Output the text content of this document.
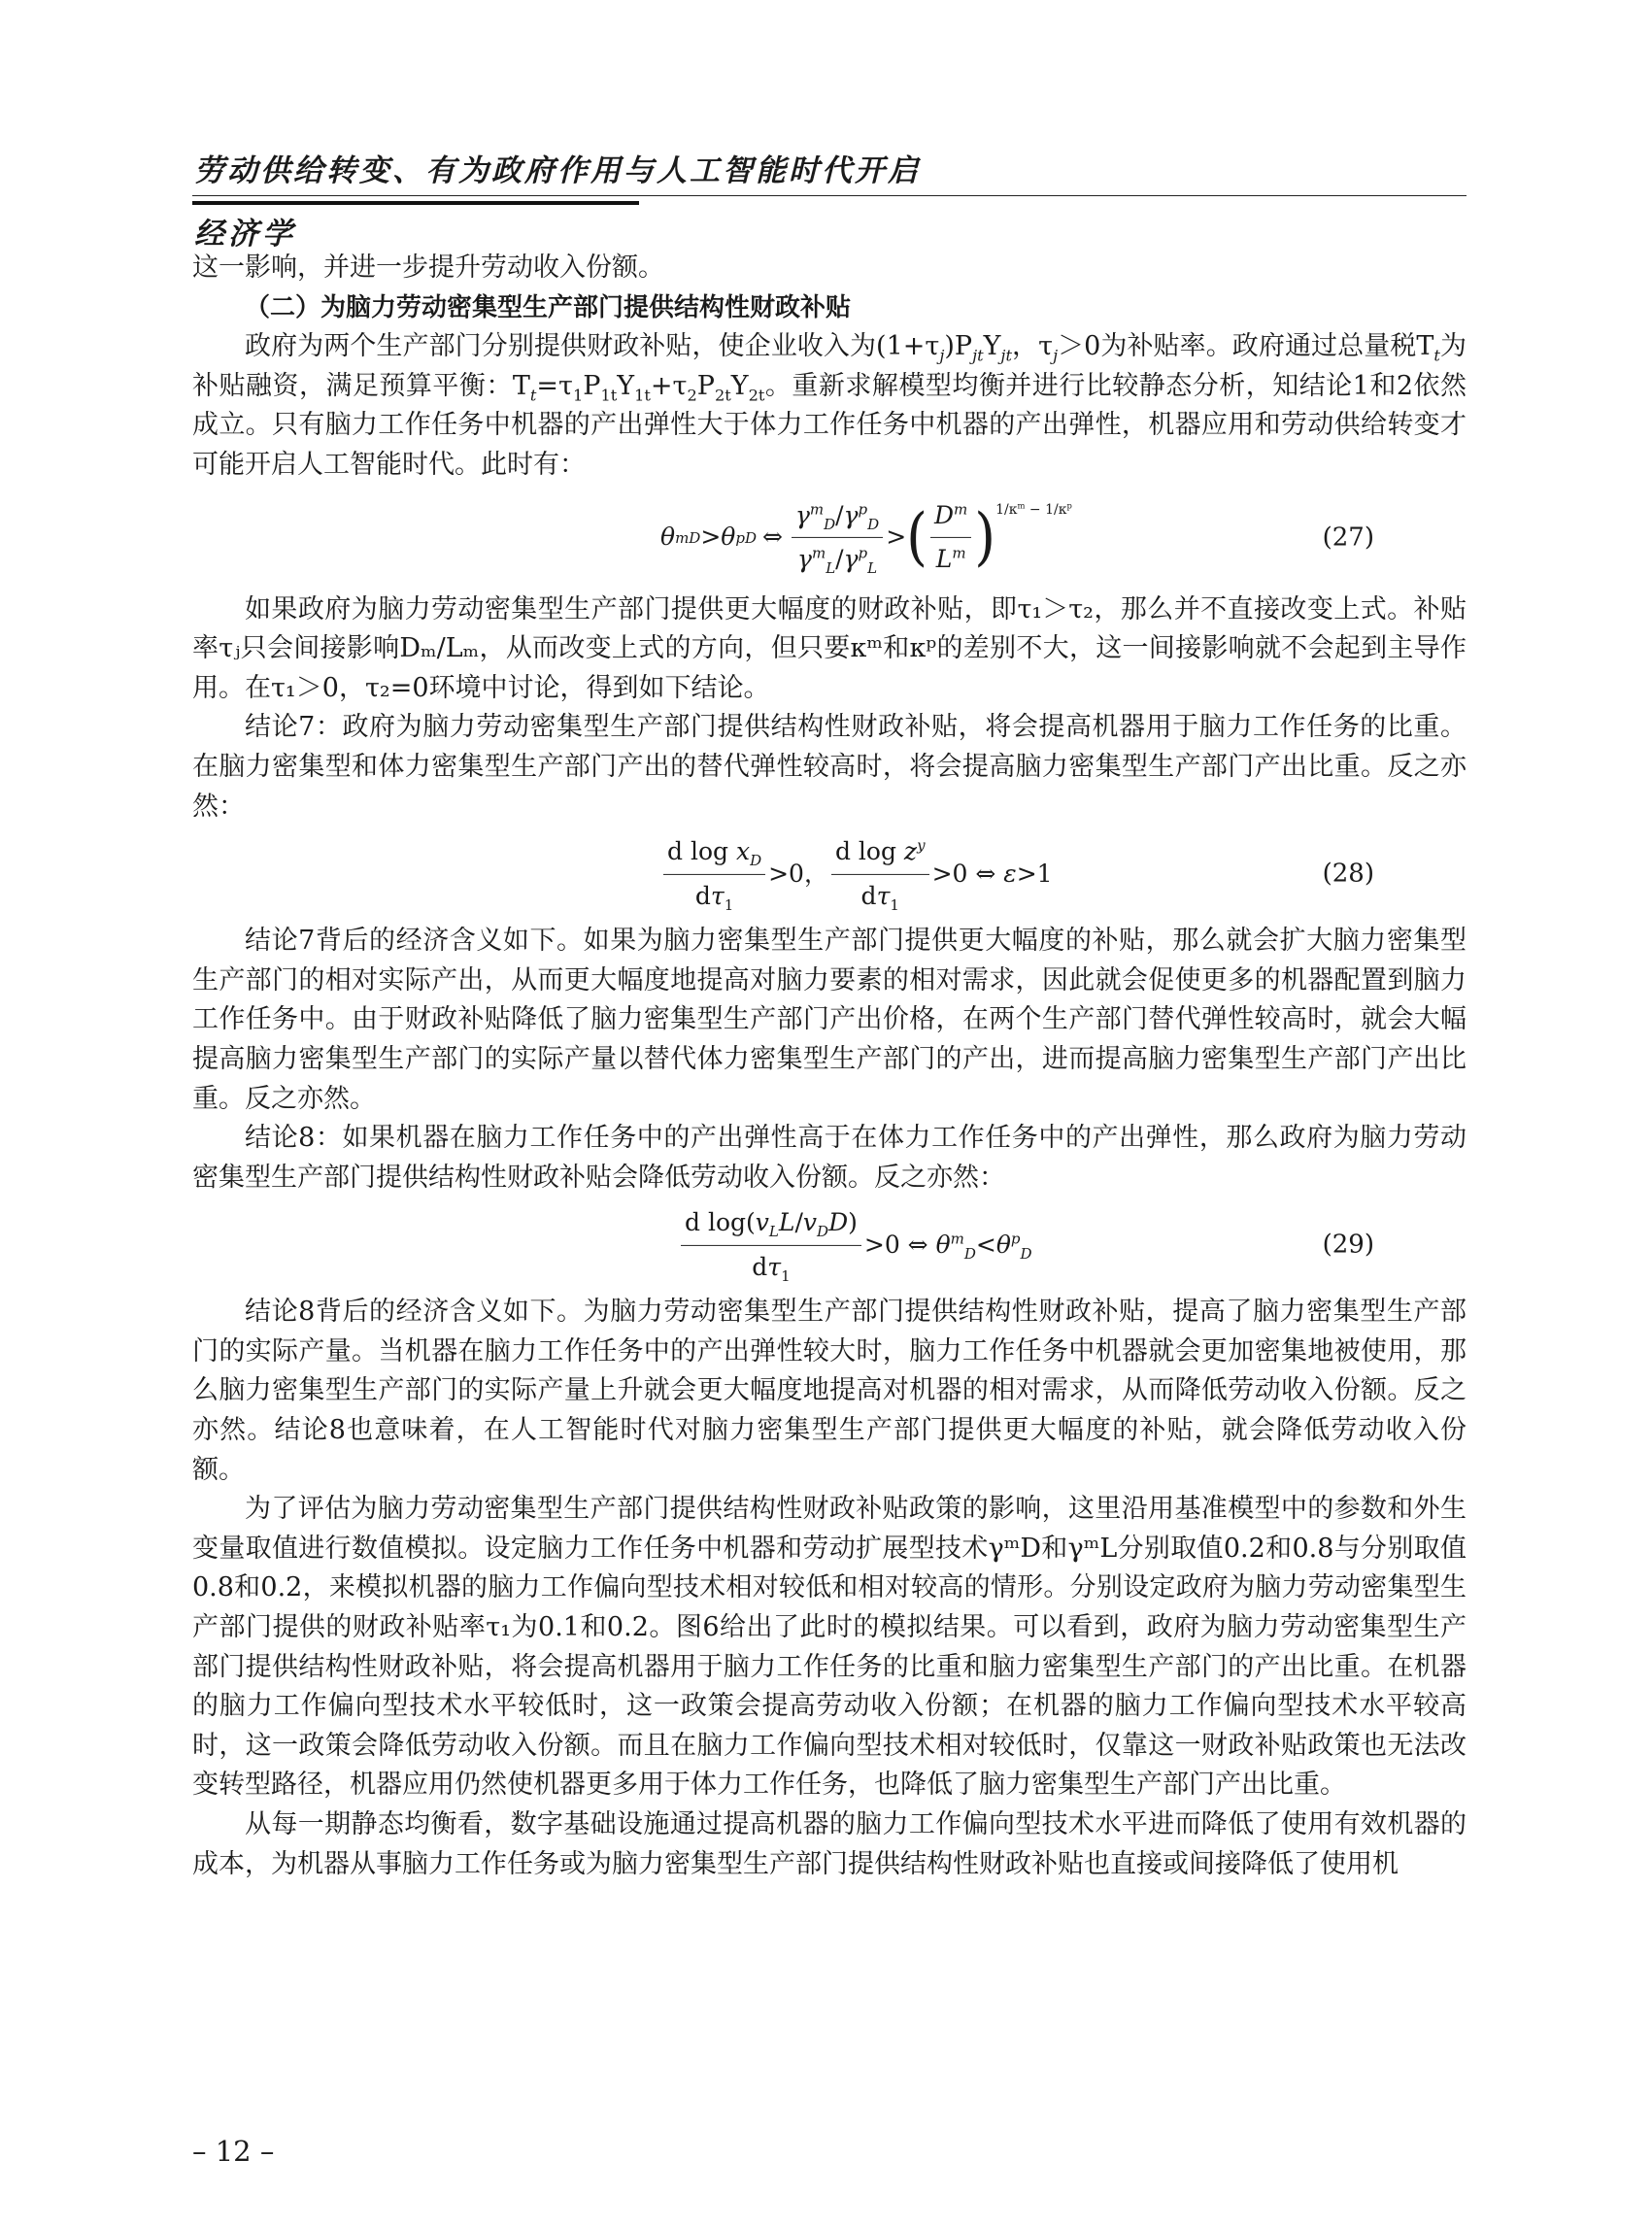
劳动供给转变、有为政府作用与人工智能时代开启
经济学

这一影响，并进一步提升劳动收入份额。

（二）为脑力劳动密集型生产部门提供结构性财政补贴

政府为两个生产部门分别提供财政补贴，使企业收入为$(1+\tau_j)P_{jt}Y_{jt}$，$\tau_j>0$为补贴率。政府通过总量税$T_t$为补贴融资，满足预算平衡：$T_t=\tau_1P_{1t}Y_{1t}+\tau_2P_{2t}Y_{2t}$。重新求解模型均衡并进行比较静态分析，知结论1和2依然成立。只有脑力工作任务中机器的产出弹性大于体力工作任务中机器的产出弹性，机器应用和劳动供给转变才可能开启人工智能时代。此时有：

θ m D > θ p D ⇔ $\frac{\gamma^m_D/\gamma^p_D}{\gamma^m_L/\gamma^p_L}$ > ( $\frac{D^m}{L^m}$ ) $1/\kappa^m - 1/\kappa^p$
(27)

如果政府为脑力劳动密集型生产部门提供更大幅度的财政补贴，即τ₁＞τ₂，那么并不直接改变上式。补贴率τⱼ只会间接影响Dₘ/Lₘ，从而改变上式的方向，但只要κᵐ和κᵖ的差别不大，这一间接影响就不会起到主导作用。在τ₁＞0，τ₂=0环境中讨论，得到如下结论。

结论7：政府为脑力劳动密集型生产部门提供结构性财政补贴，将会提高机器用于脑力工作任务的比重。在脑力密集型和体力密集型生产部门产出的替代弹性较高时，将会提高脑力密集型生产部门产出比重。反之亦然：

$\frac{d \log x_D}{d\tau_1} >0$， $\frac{d \log z^y}{d\tau_1} >0$ ⇔ ε>1	(28)

结论7背后的经济含义如下。如果为脑力密集型生产部门提供更大幅度的补贴，那么就会扩大脑力密集型生产部门的相对实际产出，从而更大幅度地提高对脑力要素的相对需求，因此就会促使更多的机器配置到脑力工作任务中。由于财政补贴降低了脑力密集型生产部门产出价格，在两个生产部门替代弹性较高时，就会大幅提高脑力密集型生产部门的实际产量以替代体力密集型生产部门的产出，进而提高脑力密集型生产部门产出比重。反之亦然。

结论8：如果机器在脑力工作任务中的产出弹性高于在体力工作任务中的产出弹性，那么政府为脑力劳动密集型生产部门提供结构性财政补贴会降低劳动收入份额。反之亦然：

$\frac{d \log(v_LL/v_DD)}{d\tau_1} >0$ ⇔ $\theta^m_D<\theta^p_D$	(29)

结论8背后的经济含义如下。为脑力劳动密集型生产部门提供结构性财政补贴，提高了脑力密集型生产部门的实际产量。当机器在脑力工作任务中的产出弹性较大时，脑力工作任务中机器就会更加密集地被使用，那么脑力密集型生产部门的实际产量上升就会更大幅度地提高对机器的相对需求，从而降低劳动收入份额。反之亦然。结论8也意味着，在人工智能时代对脑力密集型生产部门提供更大幅度的补贴，就会降低劳动收入份额。

为了评估为脑力劳动密集型生产部门提供结构性财政补贴政策的影响，这里沿用基准模型中的参数和外生变量取值进行数值模拟。设定脑力工作任务中机器和劳动扩展型技术γᵐD和γᵐL分别取值0.2和0.8与分别取值0.8和0.2，来模拟机器的脑力工作偏向型技术相对较低和相对较高的情形。分别设定政府为脑力劳动密集型生产部门提供的财政补贴率τ₁为0.1和0.2。图6给出了此时的模拟结果。可以看到，政府为脑力劳动密集型生产部门提供结构性财政补贴，将会提高机器用于脑力工作任务的比重和脑力密集型生产部门的产出比重。在机器的脑力工作偏向型技术水平较低时，这一政策会提高劳动收入份额；在机器的脑力工作偏向型技术水平较高时，这一政策会降低劳动收入份额。而且在脑力工作偏向型技术相对较低时，仅靠这一财政补贴政策也无法改变转型路径，机器应用仍然使机器更多用于体力工作任务，也降低了脑力密集型生产部门产出比重。

从每一期静态均衡看，数字基础设施通过提高机器的脑力工作偏向型技术水平进而降低了使用有效机器的成本，为机器从事脑力工作任务或为脑力密集型生产部门提供结构性财政补贴也直接或间接降低了使用机

– 12 –
